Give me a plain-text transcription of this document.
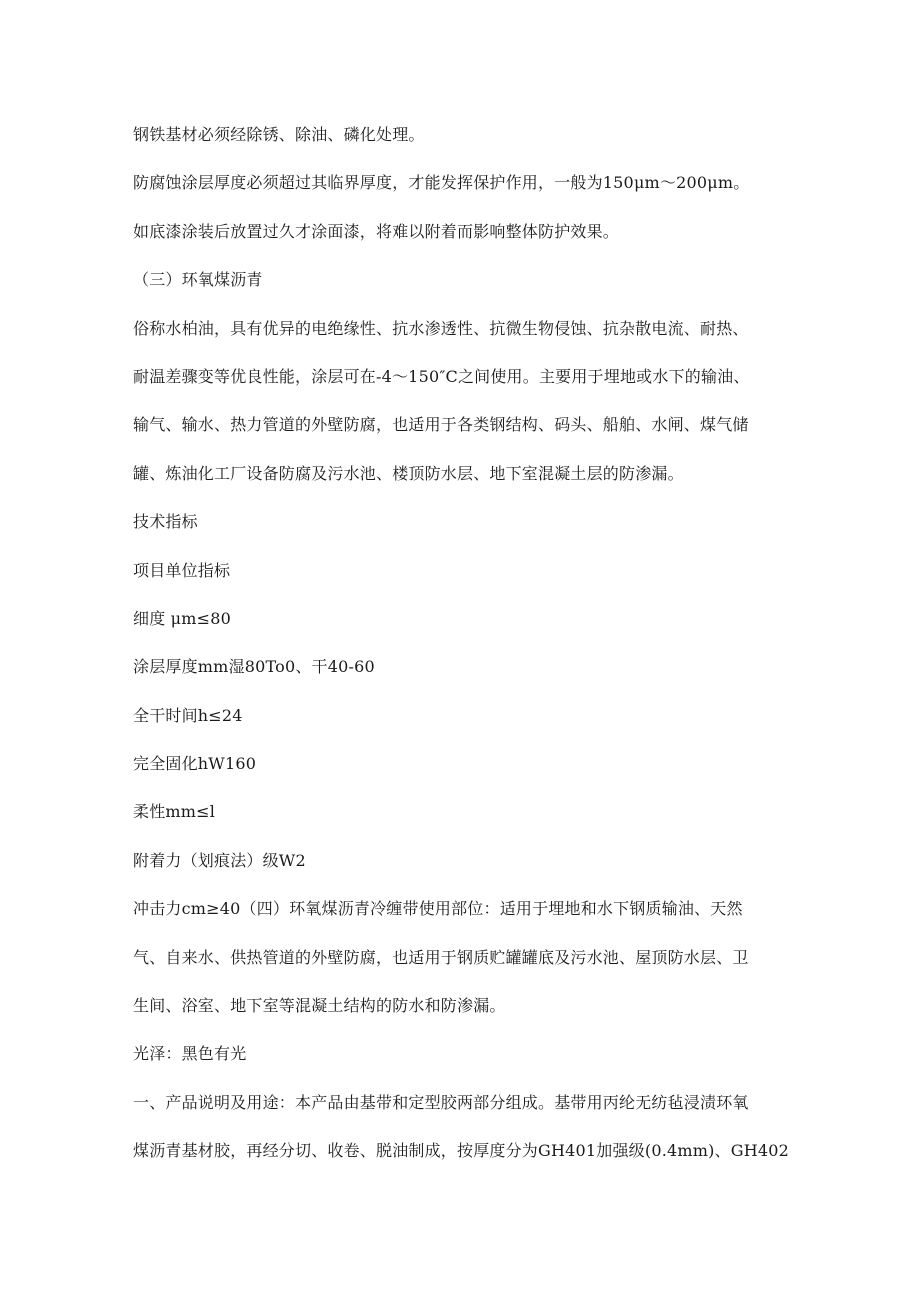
钢铁基材必须经除锈、除油、磷化处理。
防腐蚀涂层厚度必须超过其临界厚度，才能发挥保护作用，一般为150μm～200μm。
如底漆涂装后放置过久才涂面漆，将难以附着而影响整体防护效果。
（三）环氧煤沥青
俗称水柏油，具有优异的电绝缘性、抗水渗透性、抗微生物侵蚀、抗杂散电流、耐热、
耐温差骤变等优良性能，涂层可在-4～150″C之间使用。主要用于埋地或水下的输油、
输气、输水、热力管道的外壁防腐，也适用于各类钢结构、码头、船舶、水闸、煤气储
罐、炼油化工厂设备防腐及污水池、楼顶防水层、地下室混凝土层的防渗漏。
技术指标
项目单位指标
细度 μm≤80
涂层厚度mm湿80To0、干40-60
全干时间h≤24
完全固化hW160
柔性mm≤l
附着力（划痕法）级W2
冲击力cm≥40（四）环氧煤沥青冷缠带使用部位：适用于埋地和水下钢质输油、天然
气、自来水、供热管道的外壁防腐，也适用于钢质贮罐罐底及污水池、屋顶防水层、卫
生间、浴室、地下室等混凝土结构的防水和防渗漏。
光泽：黑色有光
一、产品说明及用途：本产品由基带和定型胶两部分组成。基带用丙纶无纺毡浸渍环氧
煤沥青基材胶，再经分切、收卷、脱油制成，按厚度分为GH401加强级(0.4mm)、GH402
